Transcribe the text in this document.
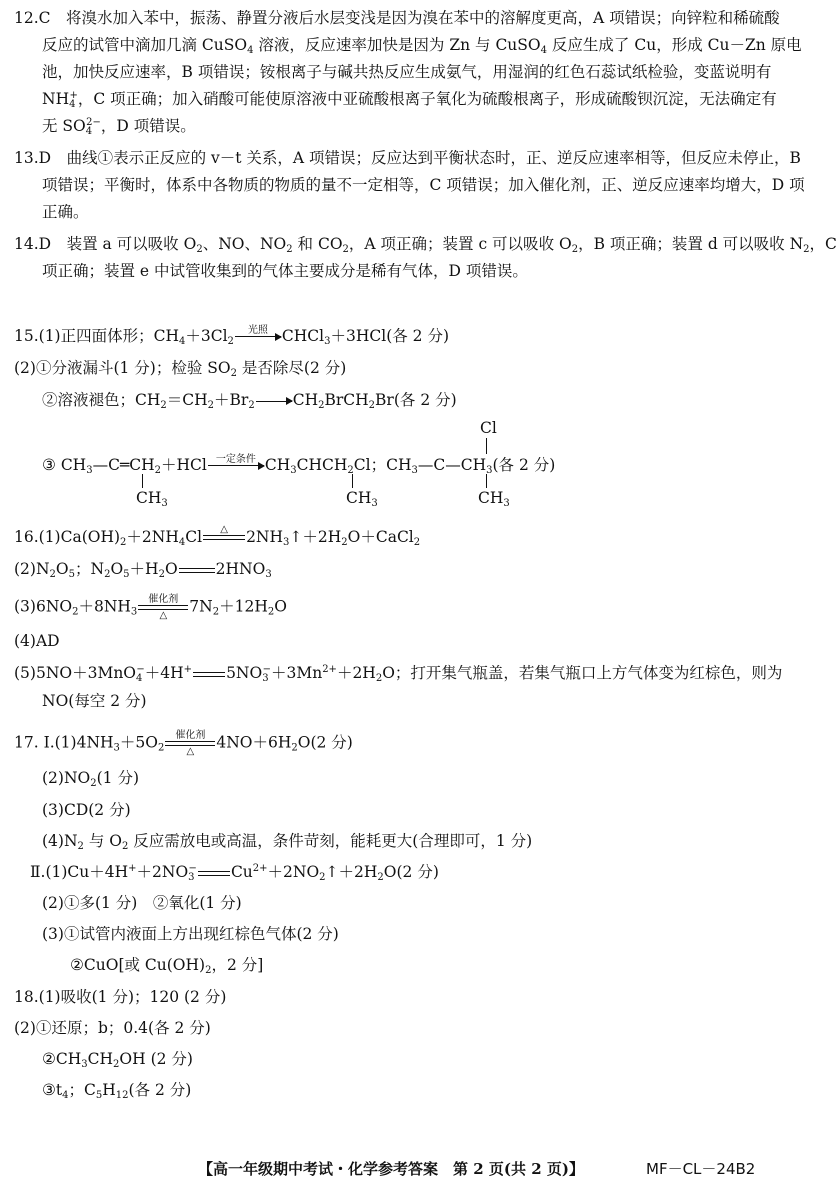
12.C　将溴水加入苯中，振荡、静置分液后水层变浅是因为溴在苯中的溶解度更高，A 项错误；向锌粒和稀硫酸
反应的试管中滴加几滴 CuSO$_4$ 溶液，反应速率加快是因为 Zn 与 CuSO$_4$ 反应生成了 Cu，形成 Cu－Zn 原电
池，加快反应速率，B 项错误；铵根离子与碱共热反应生成氨气，用湿润的红色石蕊试纸检验，变蓝说明有
$NH_4^+$，C 项正确；加入硝酸可能使原溶液中亚硫酸根离子氧化为硫酸根离子，形成硫酸钡沉淀，无法确定有
无 $SO_4^{2-}$，D 项错误。
13.D　曲线①表示正反应的 v－t 关系，A 项错误；反应达到平衡状态时，正、逆反应速率相等，但反应未停止，B
项错误；平衡时，体系中各物质的物质的量不一定相等，C 项错误；加入催化剂，正、逆反应速率均增大，D 项
正确。
14.D　装置 a 可以吸收 $O_2$、NO、$NO_2$ 和 $CO_2$，A 项正确；装置 c 可以吸收 $O_2$，B 项正确；装置 d 可以吸收 $N_2$，C
项正确；装置 e 中试管收集到的气体主要成分是稀有气体，D 项错误。
15.(1)正四面体形；$CH_4+3Cl_2$
光照 CHCl$_3$＋3HCl(各 2 分)
(2)①分液漏斗(1 分)；检验 $SO_2$ 是否除尽(2 分)
②溶液褪色；$CH_2=CH_2+Br_2\to CH_2BrCH_2Br$(各 2 分)
Cl
③ $CH_3—C═CH_2+HCl$ 一定条件 $CH_3CHCH_2Cl$；$CH_3—C—CH_3$(各 2 分)
$CH_3$	$CH_3$	$CH_3$
$16.(1)Ca(OH)_2+2NH_4Cl$	△	$2NH_3↑+2H_2O+CaCl_2$
$(2)N_2O_5$；$N_2O_5+H_2O$ $2HNO_3$
$(3)6NO_2+8NH_3$
催化剂
△	$7N_2+12H_2O$
(4)AD
(5)5NO＋3MnO$_4$−＋4H+ $5NO_3^-+3Mn^{2+}+2H_2O$；打开集气瓶盖，若集气瓶口上方气体变为红棕色，则为
NO(每空 2 分)
17. $Ⅰ.(1)4NH_3+5O_2$
催化剂
△	$4NO+6H_2O(2$ 分)
$(2)NO_2(1$ 分)
(3)CD(2 分)
$(4)N_2$ 与 $O_2$ 反应需放电或高温，条件苛刻，能耗更大(合理即可，1 分)
$Ⅱ.(1)Cu+4H^++2NO_3^-$ $Cu^{2+}+2NO_2↑+2H_2O(2$ 分)
(2)①多(1 分)　②氧化(1 分)
(3)①试管内液面上方出现红棕色气体(2 分)
②CuO[或 $Cu(OH)_2$，2 分]
18.(1)吸收(1 分)；120 (2 分)
(2)①还原；b；0.4(各 2 分)
$②CH_3CH_2OH$ (2 分)
$③t_4$；$C_5H_{12}$(各 2 分)
【高一年级期中考试・化学参考答案　第 2 页(共 2 页)】	MF－CL－24B2
